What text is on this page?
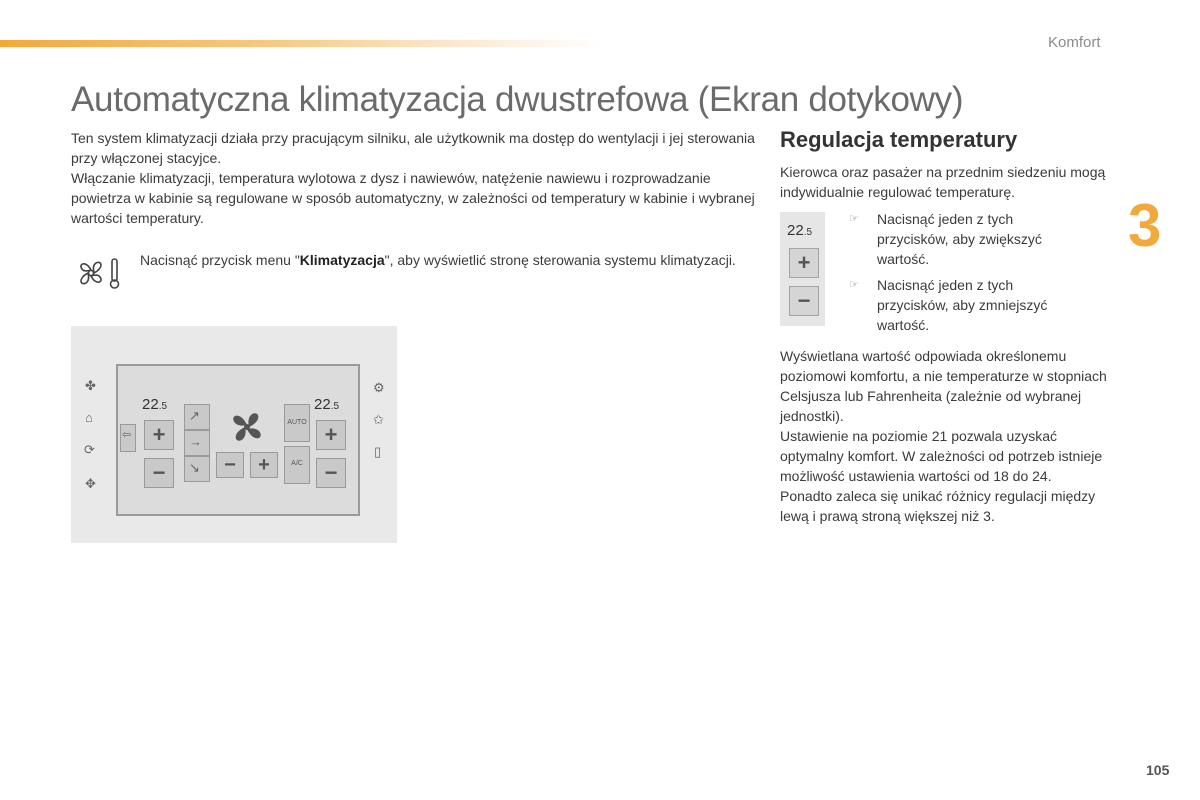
Komfort
3
Automatyczna klimatyzacja dwustrefowa (Ekran dotykowy)

Ten system klimatyzacji działa przy pracującym silniku, ale użytkownik ma dostęp do wentylacji i jej sterowania przy włączonej stacyjce.

Włączanie klimatyzacji, temperatura wylotowa z dysz i nawiewów, natężenie nawiewu i rozprowadzanie powietrza w kabinie są regulowane w sposób automatyczny, w zależności od temperatury w kabinie i wybranej wartości temperatury.

Nacisnąć przycisk menu "Klimatyzacja", aby wyświetlić stronę sterowania systemu klimatyzacji.
✤
⌂
⟳
✥
⚙
✩
▯
⇦
22.5
+
−
↗
→
↘	−	+
AUTO
A/C
22.5
+
−
Regulacja temperatury
Kierowca oraz pasażer na przednim siedzeniu mogą indywidualnie regulować temperaturę.
22.5
+
−
☞ Nacisnąć jeden z tych przycisków, aby zwiększyć wartość.
☞ Nacisnąć jeden z tych przycisków, aby zmniejszyć wartość.

Wyświetlana wartość odpowiada określonemu poziomowi komfortu, a nie temperaturze w stopniach Celsjusza lub Fahrenheita (zależnie od wybranej jednostki).

Ustawienie na poziomie 21 pozwala uzyskać optymalny komfort. W zależności od potrzeb istnieje możliwość ustawienia wartości od 18 do 24.

Ponadto zaleca się unikać różnicy regulacji między lewą i prawą stroną większej niż 3.

105
